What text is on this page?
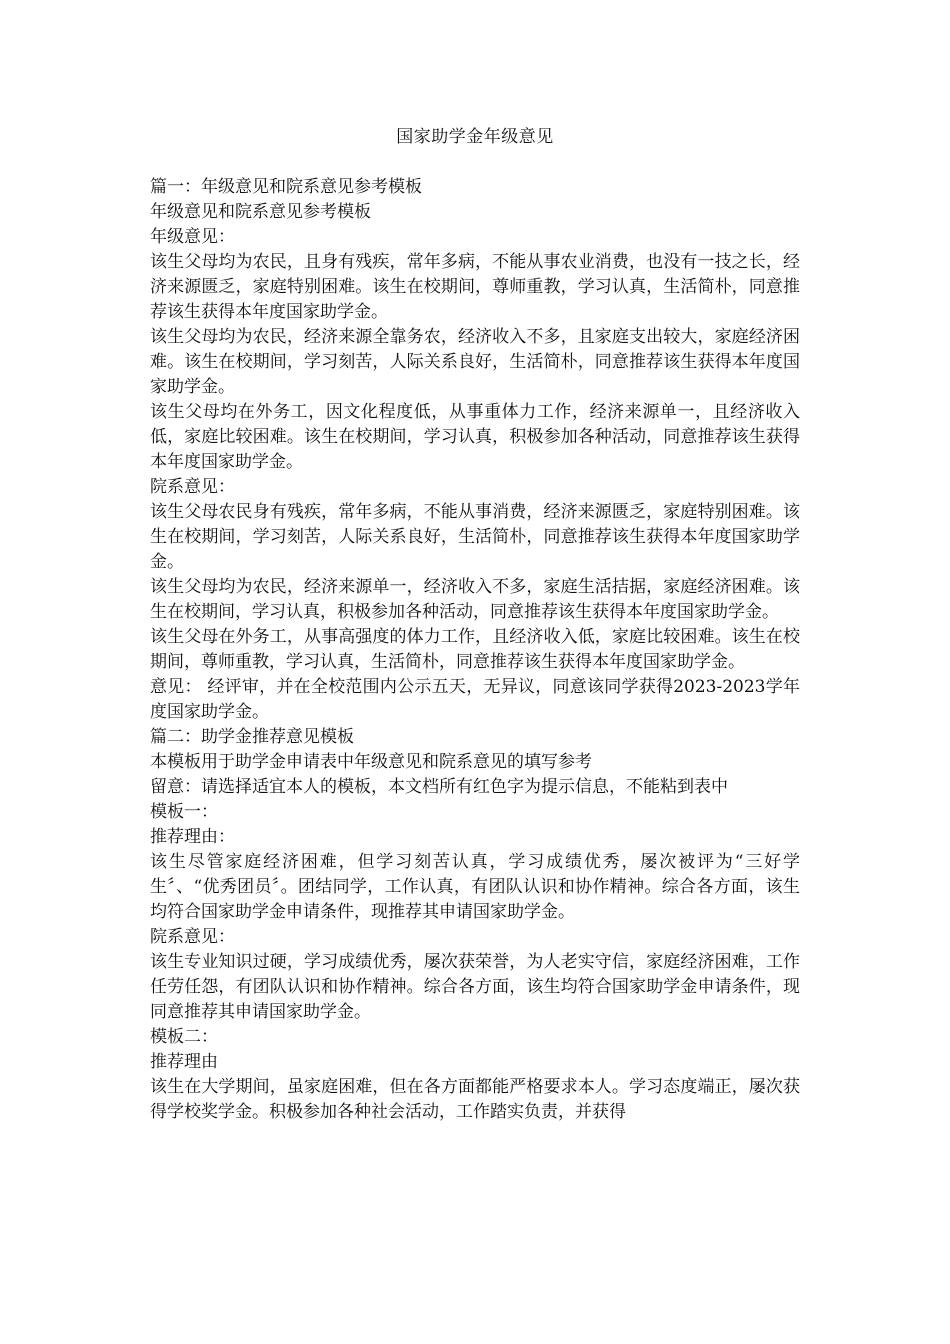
国家助学金年级意见

篇一：年级意见和院系意见参考模板

年级意见和院系意见参考模板

年级意见：

该生父母均为农民，且身有残疾，常年多病，不能从事农业消费，也没有一技之长，经济来源匮乏，家庭特别困难。该生在校期间，尊师重教，学习认真，生活简朴，同意推荐该生获得本年度国家助学金。

该生父母均为农民，经济来源全靠务农，经济收入不多，且家庭支出较大，家庭经济困难。该生在校期间，学习刻苦，人际关系良好，生活简朴，同意推荐该生获得本年度国家助学金。

该生父母均在外务工，因文化程度低，从事重体力工作，经济来源单一，且经济收入低，家庭比较困难。该生在校期间，学习认真，积极参加各种活动，同意推荐该生获得本年度国家助学金。

院系意见：

该生父母农民身有残疾，常年多病，不能从事消费，经济来源匮乏，家庭特别困难。该生在校期间，学习刻苦，人际关系良好，生活简朴，同意推荐该生获得本年度国家助学金。

该生父母均为农民，经济来源单一，经济收入不多，家庭生活拮据，家庭经济困难。该生在校期间，学习认真，积极参加各种活动，同意推荐该生获得本年度国家助学金。

该生父母在外务工，从事高强度的体力工作，且经济收入低，家庭比较困难。该生在校期间，尊师重教，学习认真，生活简朴，同意推荐该生获得本年度国家助学金。

意见： 经评审，并在全校范围内公示五天，无异议，同意该同学获得2023-2023学年度国家助学金。

篇二：助学金推荐意见模板

本模板用于助学金申请表中年级意见和院系意见的填写参考

留意：请选择适宜本人的模板，本文档所有红色字为提示信息，不能粘到表中

模板一：

推荐理由：

该生尽管家庭经济困难，但学习刻苦认真，学习成绩优秀，屡次被评为“三好学生〞、“优秀团员〞。团结同学，工作认真，有团队认识和协作精神。综合各方面，该生均符合国家助学金申请条件，现推荐其申请国家助学金。

院系意见：

该生专业知识过硬，学习成绩优秀，屡次获荣誉，为人老实守信，家庭经济困难，工作任劳任怨，有团队认识和协作精神。综合各方面，该生均符合国家助学金申请条件，现同意推荐其申请国家助学金。

模板二：

推荐理由

该生在大学期间，虽家庭困难，但在各方面都能严格要求本人。学习态度端正，屡次获得学校奖学金。积极参加各种社会活动，工作踏实负责，并获得
